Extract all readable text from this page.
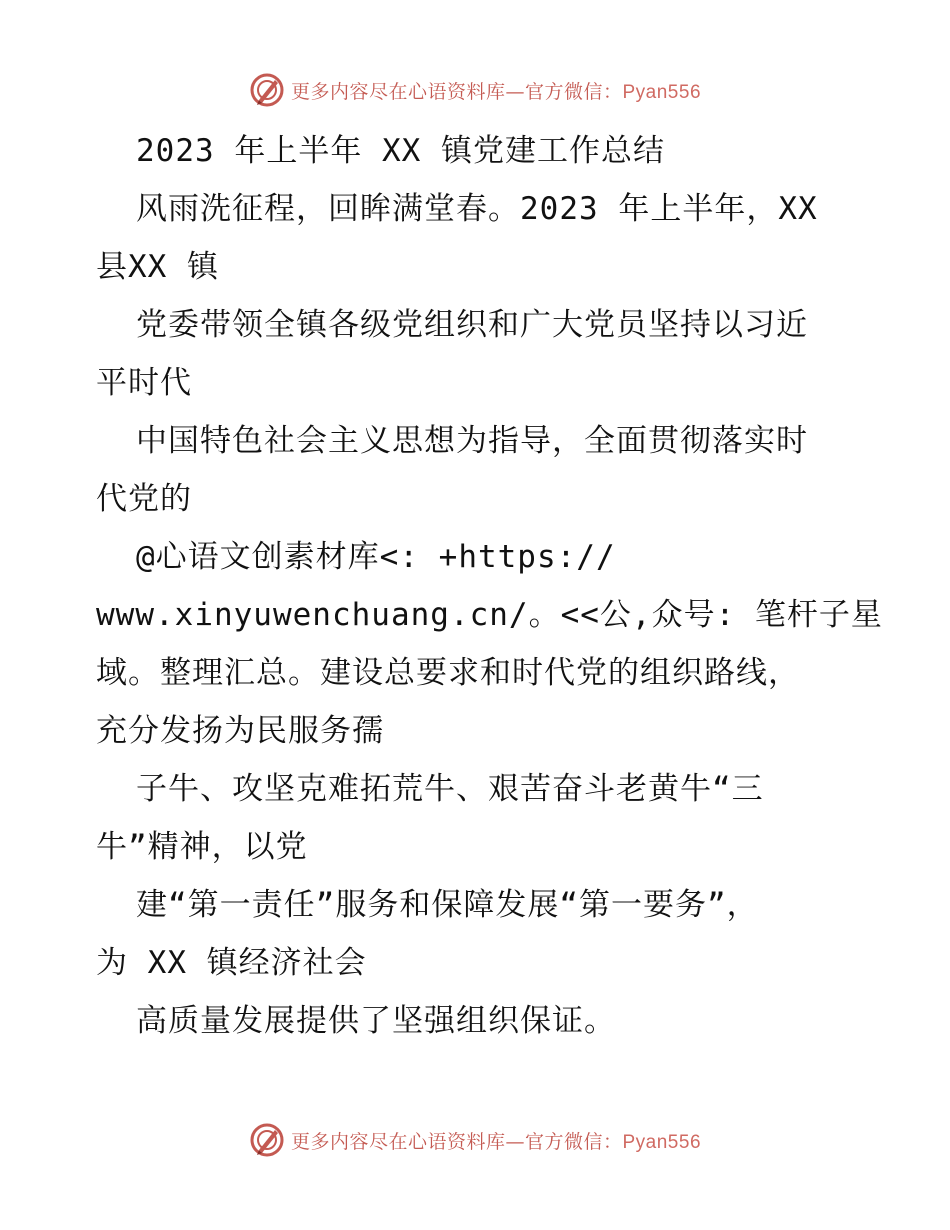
更多内容尽在心语资料库—官方微信：Pyan556
2023 年上半年 XX 镇党建工作总结
风雨洗征程，回眸满堂春。2023 年上半年，XX
县XX 镇
党委带领全镇各级党组织和广大党员坚持以习近
平时代
中国特色社会主义思想为指导，全面贯彻落实时
代党的
@心语文创素材库<: +https://
www.xinyuwenchuang.cn/。<<公,众号: 笔杆子星
域。整理汇总。建设总要求和时代党的组织路线，
充分发扬为民服务孺
子牛、攻坚克难拓荒牛、艰苦奋斗老黄牛“三
牛”精神，以党
建“第一责任”服务和保障发展“第一要务”，
为 XX 镇经济社会
高质量发展提供了坚强组织保证。
更多内容尽在心语资料库—官方微信：Pyan556
